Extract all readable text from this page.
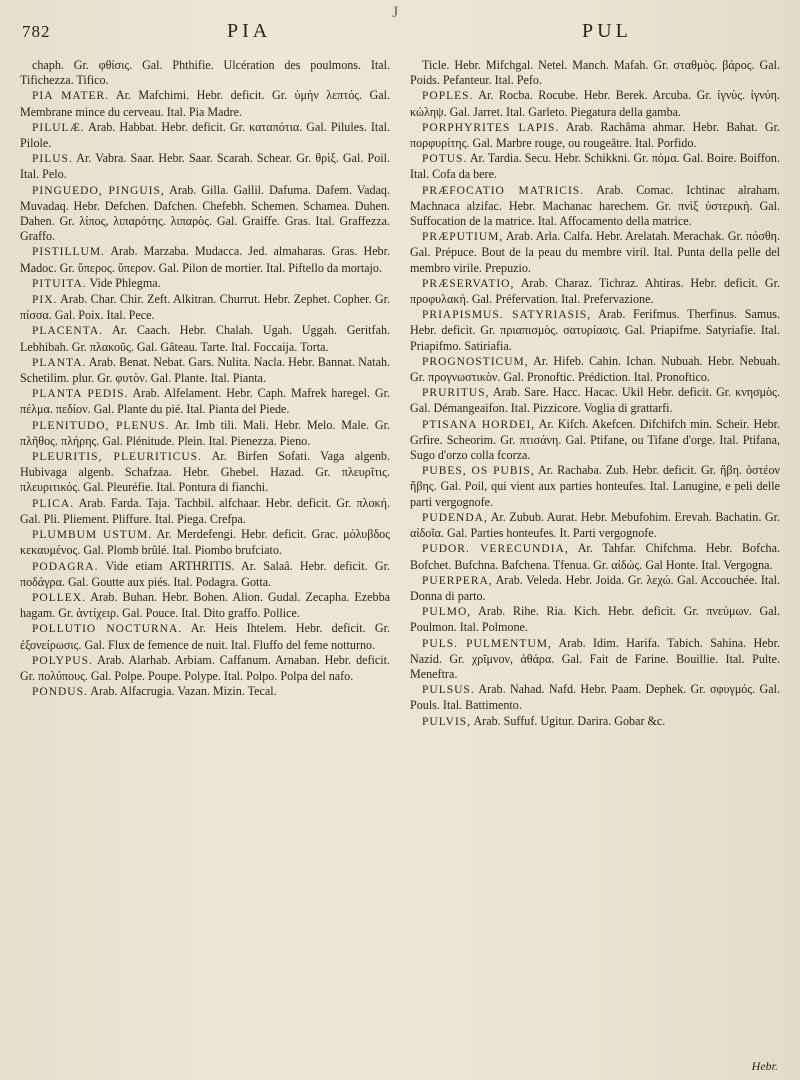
J
782	PIA	PUL

chaph. Gr. φθίσις. Gal. Phthifie. Ulcération des poulmons. Ital. Tifichezza. Tifico.

PIA MATER. Ar. Mafchimi. Hebr. deficit. Gr. ὑμὴν λεπτός. Gal. Membrane mince du cerveau. Ital. Pia Madre.

PILULÆ. Arab. Habbat. Hebr. deficit. Gr. καταπότια. Gal. Pilules. Ital. Pilole.

PILUS. Ar. Vabra. Saar. Hebr. Saar. Scarah. Schear. Gr. θρὶξ. Gal. Poil. Ital. Pelo.

PINGUEDO, PINGUIS, Arab. Gilla. Gallil. Dafuma. Dafem. Vadaq. Muvadaq. Hebr. Defchen. Dafchen. Chefebh. Schemen. Schamea. Duhen. Dahen. Gr. λίπος, λιπαρότης. λιπαρὸς. Gal. Graiffe. Gras. Ital. Graffezza. Graffo.

PISTILLUM. Arab. Marzaba. Mudacca. Jed. almaharas. Gras. Hebr. Madoc. Gr. ὕπερος. ὕπερον. Gal. Pilon de mortier. Ital. Piftello da mortajo.

PITUITA. Vide Phlegma.

PIX. Arab. Char. Chir. Zeft. Alkitran. Churrut. Hebr. Zephet. Copher. Gr. πίσσα. Gal. Poix. Ital. Pece.

PLACENTA. Ar. Caach. Hebr. Chalah. Ugah. Uggah. Geritfah. Lebhibah. Gr. πλακοῦς. Gal. Gâteau. Tarte. Ital. Foccaija. Torta.

PLANTA. Arab. Benat. Nebat. Gars. Nulita. Nacla. Hebr. Bannat. Natah. Schetilim. plur. Gr. φυτὸν. Gal. Plante. Ital. Pianta.

PLANTA PEDIS. Arab. Alfelament. Hebr. Caph. Mafrek haregel. Gr. πέλμα. πεδίον. Gal. Plante du pié. Ital. Pianta del Piede.

PLENITUDO, PLENUS. Ar. Imb tili. Mali. Hebr. Melo. Male. Gr. πλῆθος. πλήρης. Gal. Plénitude. Plein. Ital. Pienezza. Pieno.

PLEURITIS, PLEURITICUS. Ar. Birfen Sofati. Vaga algenb. Hubivaga algenb. Schafzaa. Hebr. Ghebel. Hazad. Gr. πλευρῖτις. πλευριτικός. Gal. Pleuréfie. Ital. Pontura di fianchi.

PLICA. Arab. Farda. Taja. Tachbil. alfchaar. Hebr. deficit. Gr. πλοκή. Gal. Pli. Pliement. Pliffure. Ital. Piega. Crefpa.

PLUMBUM USTUM. Ar. Merdefengi. Hebr. deficit. Grac. μόλυβδος κεκαυμένος. Gal. Plomb brûlé. Ital. Piombo brufciato.

PODAGRA. Vide etiam ARTHRITIS. Ar. Salaâ. Hebr. deficit. Gr. ποδάγρα. Gal. Goutte aux piés. Ital. Podagra. Gotta.

POLLEX. Arab. Buhan. Hebr. Bohen. Alion. Gudal. Zecapha. Ezebba hagam. Gr. ἀντίχειρ. Gal. Pouce. Ital. Dito graffo. Pollice.

POLLUTIO NOCTURNA. Ar. Heis Ihtelem. Hebr. deficit. Gr. ἐξονείρωσις. Gal. Flux de femence de nuit. Ital. Fluffo del feme notturno.

POLYPUS. Arab. Alarhab. Arbiam. Caffanum. Arnaban. Hebr. deficit. Gr. πολύπους. Gal. Polpe. Poupe. Polype. Ital. Polpo. Polpa del nafo.

PONDUS. Arab. Alfacrugia. Vazan. Mizin. Tecal.

Ticle. Hebr. Mifchgal. Netel. Manch. Mafah. Gr. σταθμὸς. βάρος. Gal. Poids. Pefanteur. Ital. Pefo.

POPLES. Ar. Rocba. Rocube. Hebr. Berek. Arcuba. Gr. ἰγνὺς. ἰγνύη. κώληψ. Gal. Jarret. Ital. Garleto. Piegatura della gamba.

PORPHYRITES LAPIS. Arab. Rachâma ahmar. Hebr. Bahat. Gr. πορφυρίτης. Gal. Marbre rouge, ou rougeâtre. Ital. Porfido.

POTUS. Ar. Tardia. Secu. Hebr. Schikkni. Gr. πόμα. Gal. Boire. Boiffon. Ital. Cofa da bere.

PRÆFOCATIO MATRICIS. Arab. Comac. Ichtinac alraham. Machnaca alzifac. Hebr. Machanac harechem. Gr. πνὶξ ὑστερικὴ. Gal. Suffocation de la matrice. Ital. Affocamento della matrice.

PRÆPUTIUM, Arab. Arla. Calfa. Hebr. Arelatah. Merachak. Gr. πόσθη. Gal. Prépuce. Bout de la peau du membre viril. Ital. Punta della pelle del membro virile. Prepuzio.

PRÆSERVATIO, Arab. Charaz. Tichraz. Ahtiras. Hebr. deficit. Gr. προφυλακή. Gal. Préfervation. Ital. Prefervazione.

PRIAPISMUS. SATYRIASIS, Arab. Ferifmus. Therfinus. Samus. Hebr. deficit. Gr. πριαπισμὸς. σατυρίασις. Gal. Priapifme. Satyriafie. Ital. Priapifmo. Satiriafia.

PROGNOSTICUM, Ar. Hifeb. Cahin. Ichan. Nubuah. Hebr. Nebuah. Gr. προγνωστικὸν. Gal. Pronoftic. Prédiction. Ital. Pronoftico.

PRURITUS, Arab. Sare. Hacc. Hacac. Ukil Hebr. deficit. Gr. κνησμὸς. Gal. Démangeaifon. Ital. Pizzicore. Voglia di grattarfi.

PTISANA HORDEI, Ar. Kifch. Akefcen. Difchifch min. Scheir. Hebr. Grfire. Scheorim. Gr. πτισάνη. Gal. Ptifane, ou Tifane d'orge. Ital. Ptifana, Sugo d'orzo colla fcorza.

PUBES, OS PUBIS, Ar. Rachaba. Zub. Hebr. deficit. Gr. ἥβη. ὀστέον ἥβης. Gal. Poil, qui vient aux parties honteufes. Ital. Lanugine, e peli delle parti vergognofe.

PUDENDA, Ar. Zubub. Aurat. Hebr. Mebufohim. Erevah. Bachatin. Gr. αἰδοῖα. Gal. Parties honteufes. It. Parti vergognofe.

PUDOR. VERECUNDIA, Ar. Tahfar. Chifchma. Hebr. Bofcha. Bofchet. Bufchna. Bafchena. Tfenua. Gr. αἰδώς. Gal Honte. Ital. Vergogna.

PUERPERA, Arab. Veleda. Hebr. Joida. Gr. λεχώ. Gal. Accouchée. Ital. Donna di parto.

PULMO, Arab. Rihe. Ria. Kich. Hebr. deficit. Gr. πνεύμων. Gal. Poulmon. Ital. Polmone.

PULS. PULMENTUM, Arab. Idim. Harifa. Tabich. Sahina. Hebr. Nazid. Gr. χρῖμνον, ἀθάρα. Gal. Fait de Farine. Bouillie. Ital. Pulte. Meneftra.

PULSUS. Arab. Nahad. Nafd. Hebr. Paam. Dephek. Gr. σφυγμός. Gal. Pouls. Ital. Battimento.

PULVIS, Arab. Suffuf. Ugitur. Darira. Gobar &c.

Hebr.
